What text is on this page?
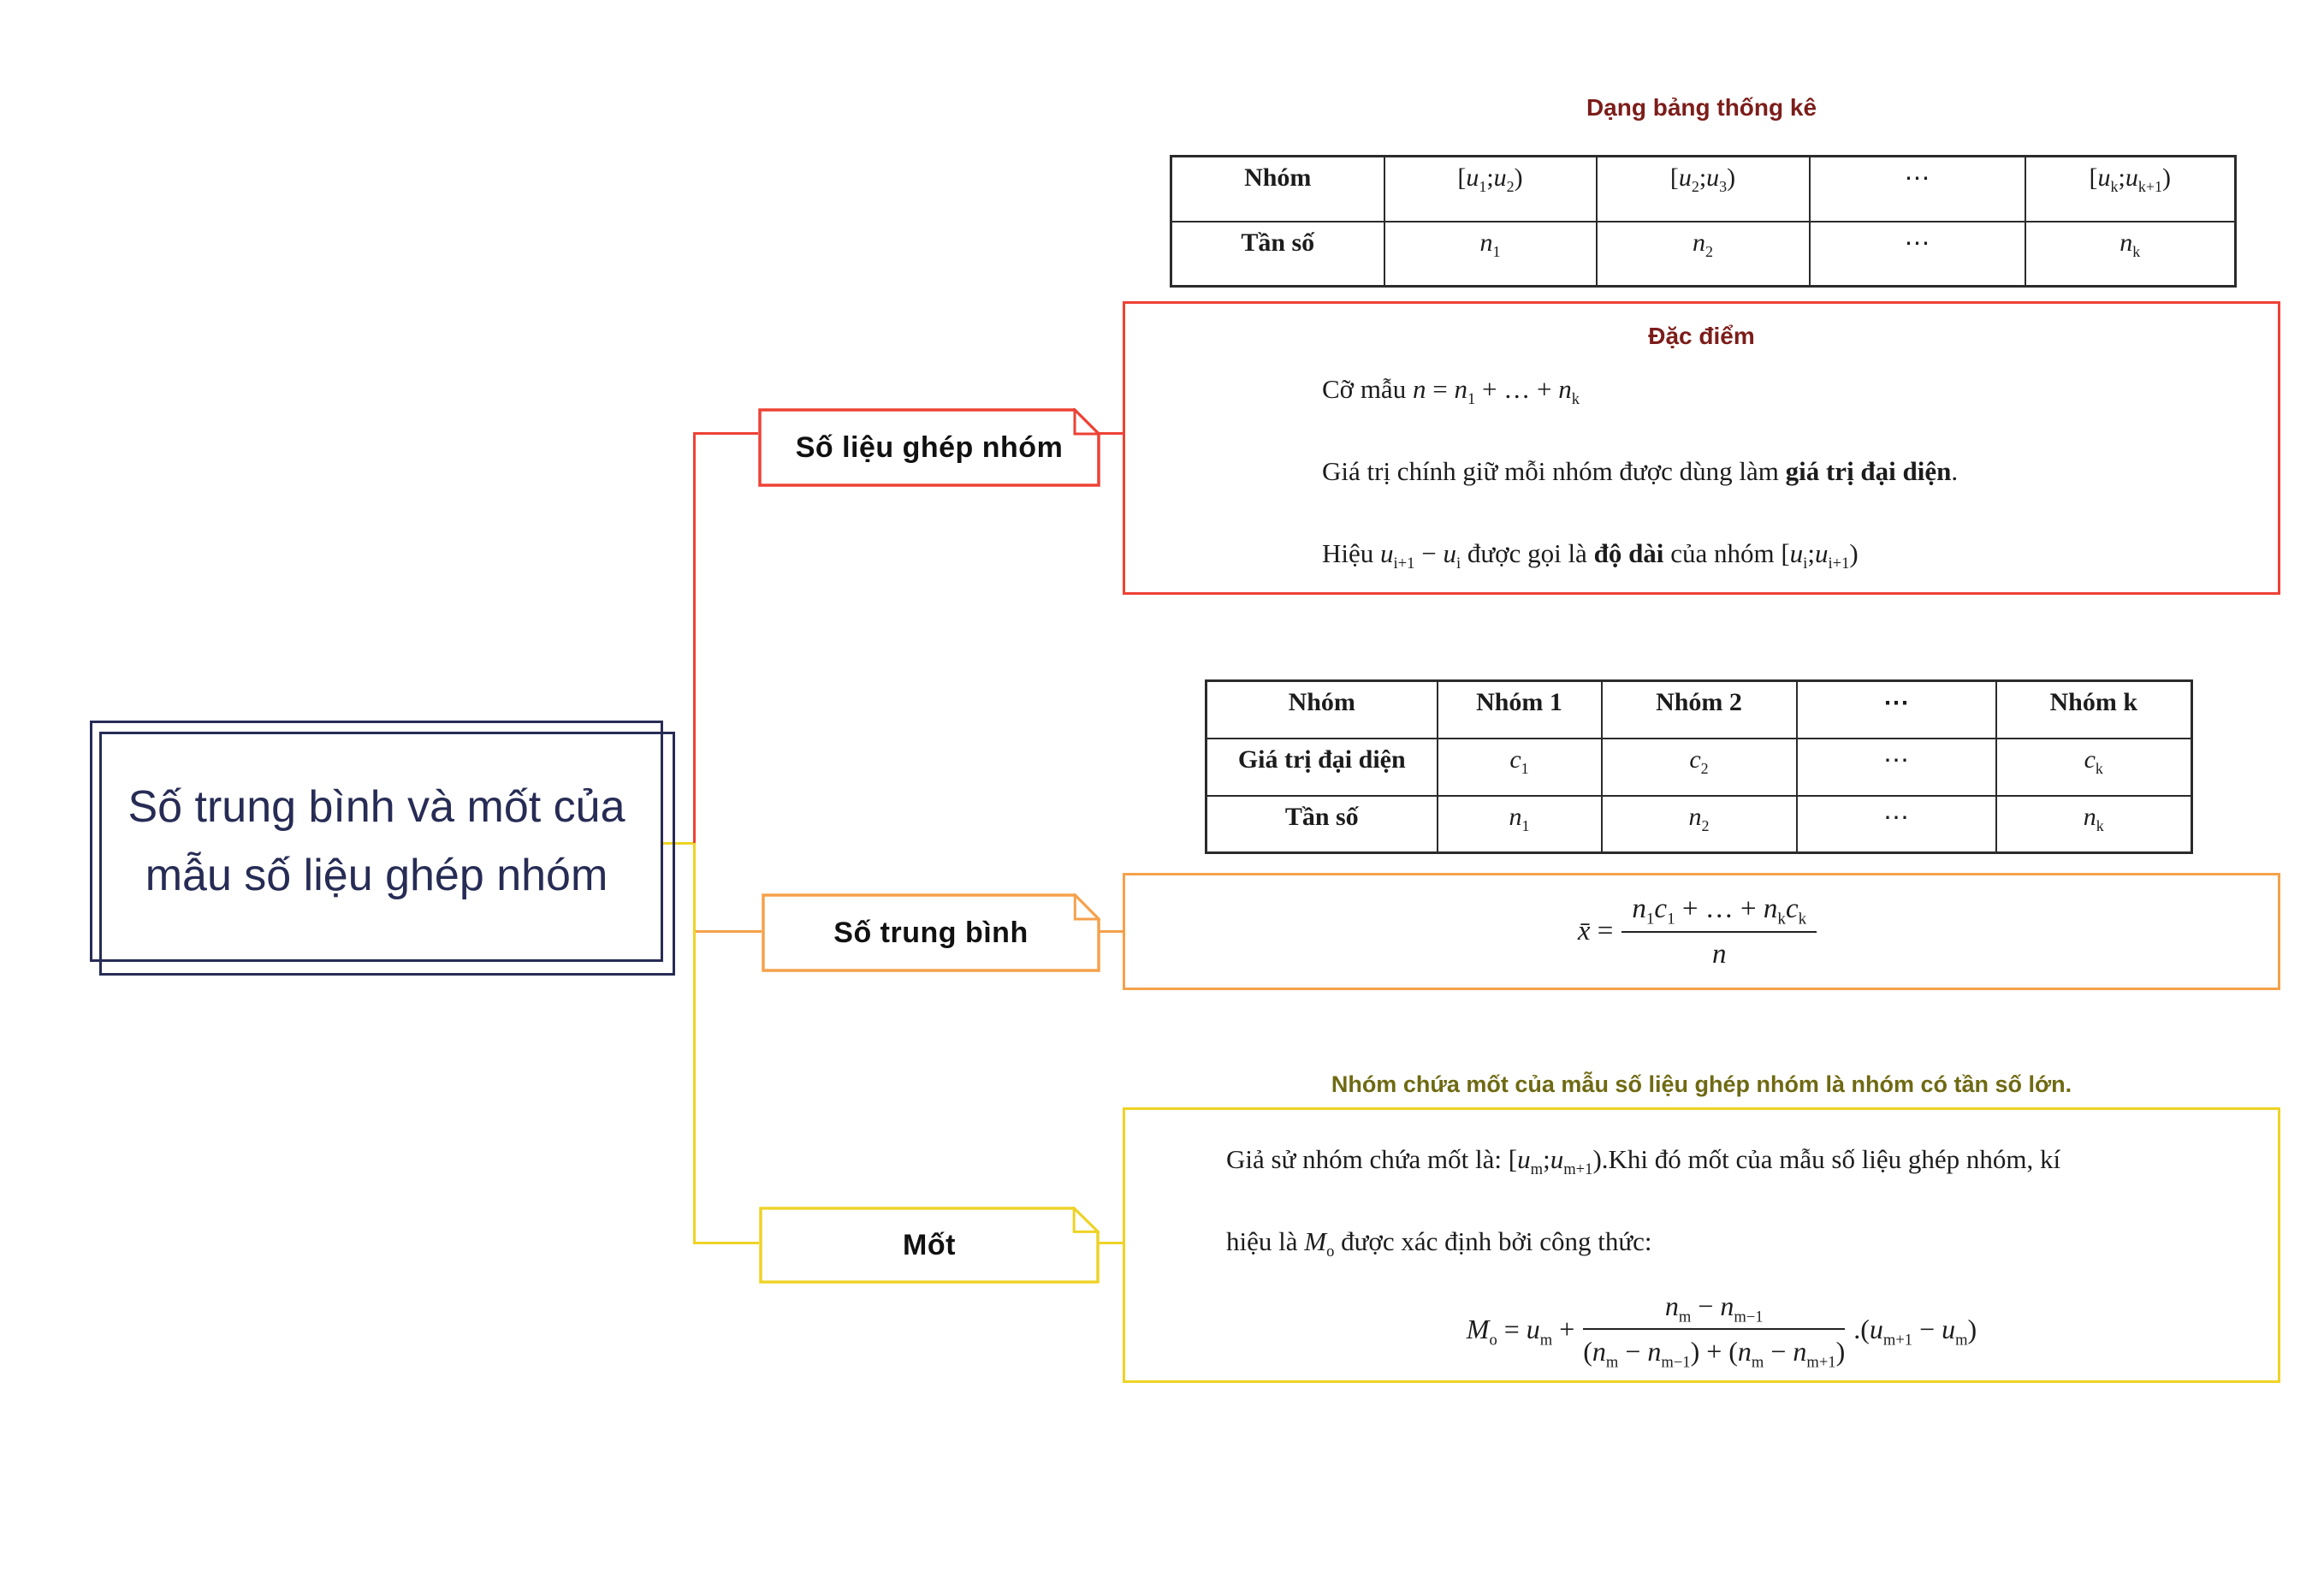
Số trung bình và mốt của mẫu số liệu ghép nhóm
Số liệu ghép nhóm
Số trung bình
Mốt
Dạng bảng thống kê
Nhóm	$[u_1;u_2)$	$[u_2;u_3)$	⋯	$[u_k;u_{k+1})$
Tần số	$n_1$	$n_2$	⋯	$n_k$
Đặc điểm
Cỡ mẫu $n = n_1$ + … + $n_k$
Giá trị chính giữ mỗi nhóm được dùng làm giá trị đại diện.
Hiệu $u_{i+1} - u_i$ được gọi là độ dài của nhóm $[u_i;u_{i+1})$
Nhóm	Nhóm 1	Nhóm 2	⋯	Nhóm k
Giá trị đại diện	$c_1$	$c_2$	⋯	$c_k$
Tần số	$n_1$	$n_2$	⋯	$n_k$
x̄ = $\frac{n_1c_1 + \dots + n_kc_k}{n}$
Nhóm chứa mốt của mẫu số liệu ghép nhóm là nhóm có tần số lớn.
Giả sử nhóm chứa mốt là: $[u_m;u_{m+1}).Khi$ đó mốt của mẫu số liệu ghép nhóm, kí
hiệu là $M_o$ được xác định bởi công thức:
$M_o = u_m + \frac{n_m - n_{m-1}}{(n_m - n_{m-1}) + (n_m - n_{m+1})} .(u_{m+1} - u_m)$
